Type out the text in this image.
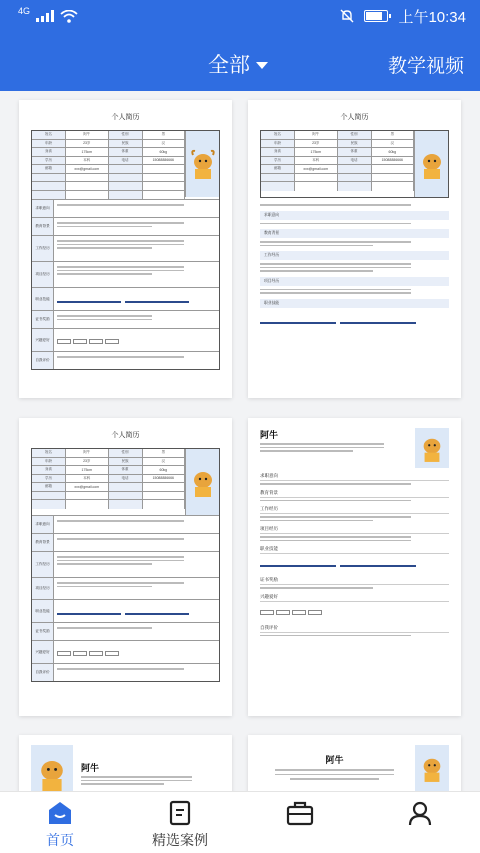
4G	上午10:34
全部	教学视频
个人简历
姓名	阿牛	性别	男
年龄	23岁	民族	汉
身高	175cm	体重	60kg
学历	本科	电话	15088886666
邮箱	xxx@gmail.com
求职意向
教育背景
工作经历
项目经历
职业技能

证书奖励
兴趣爱好
自我评价
个人简历
姓名	阿牛	性别	男
年龄	23岁	民族	汉
身高	175cm	体重	60kg
学历	本科	电话	15088886666
邮箱	xxx@gmail.com
求职意向
教育背景
工作经历
项目经历
职业技能

个人简历
姓名	阿牛	性别	男
年龄	23岁	民族	汉
身高	175cm	体重	60kg
学历	本科	电话	15088886666
邮箱	xxx@gmail.com
求职意向
教育背景
工作经历
项目经历
职业技能

证书奖励
兴趣爱好
自我评价
阿牛
求职意向
教育背景
工作经历
项目经历
职业技能

证书奖励
兴趣爱好
自我评价
阿牛
阿牛
首页	精选案例
